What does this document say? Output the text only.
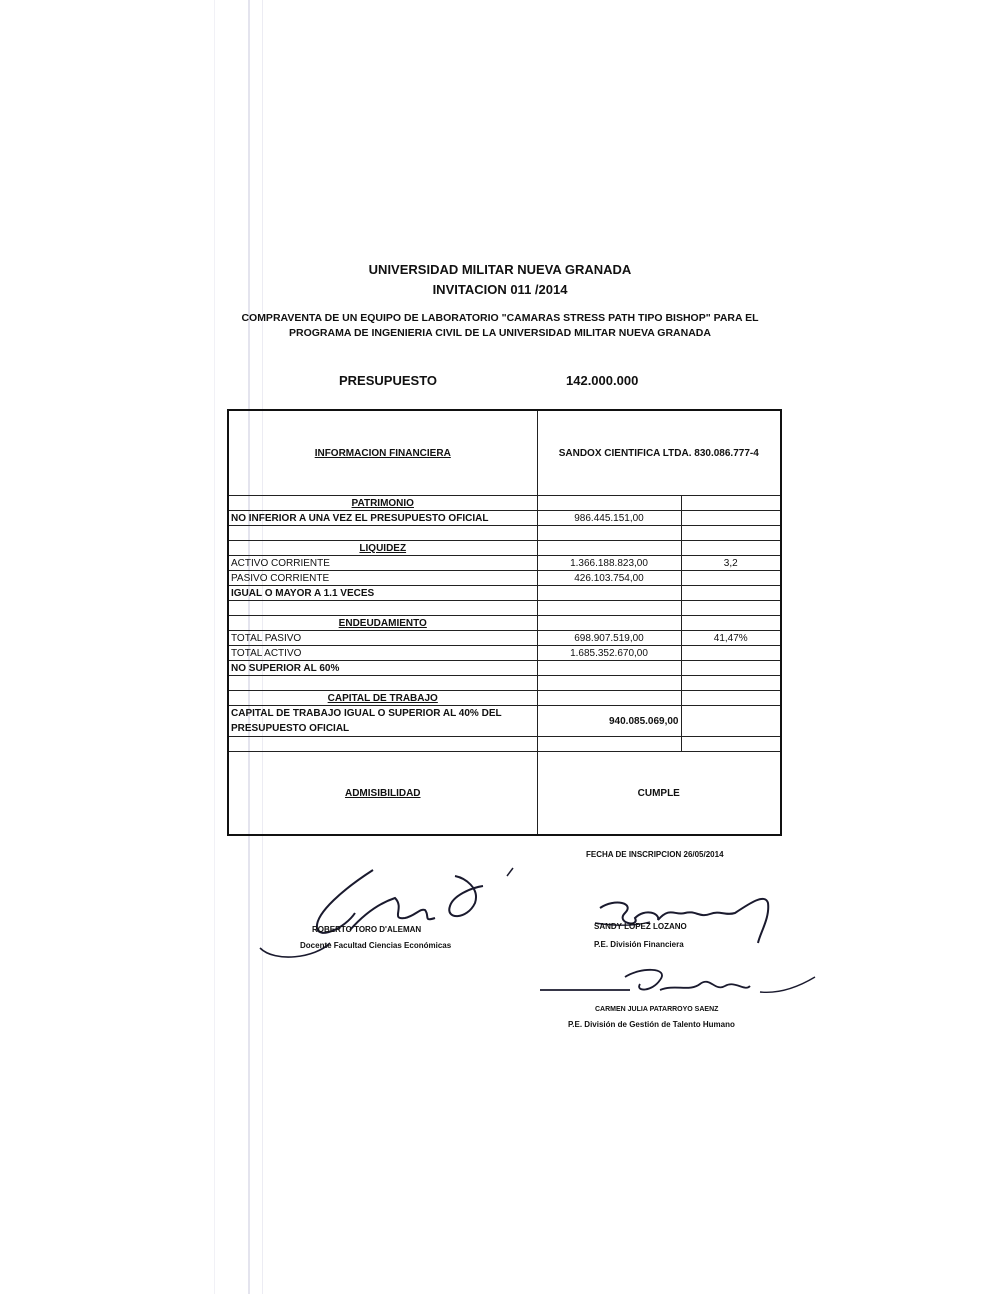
UNIVERSIDAD MILITAR NUEVA GRANADA
INVITACION 011 /2014
COMPRAVENTA DE UN EQUIPO DE LABORATORIO "CAMARAS STRESS PATH TIPO BISHOP" PARA EL
PROGRAMA DE INGENIERIA CIVIL DE LA UNIVERSIDAD MILITAR NUEVA GRANADA
PRESUPUESTO	142.000.000
INFORMACION FINANCIERA	SANDOX CIENTIFICA LTDA. 830.086.777-4	
PATRIMONIO		
NO INFERIOR A UNA VEZ EL PRESUPUESTO OFICIAL	986.445.151,00	

LIQUIDEZ		
ACTIVO CORRIENTE	1.366.188.823,00	3,2
PASIVO CORRIENTE	426.103.754,00	
IGUAL O MAYOR A 1.1 VECES		

ENDEUDAMIENTO		
TOTAL PASIVO	698.907.519,00	41,47%
TOTAL ACTIVO	1.685.352.670,00	
NO SUPERIOR AL 60%		

CAPITAL DE TRABAJO		
CAPITAL DE TRABAJO IGUAL O SUPERIOR AL 40% DEL PRESUPUESTO OFICIAL	940.085.069,00	

ADMISIBILIDAD	CUMPLE	
FECHA DE INSCRIPCION 26/05/2014
ROBERTO TORO D'ALEMAN
Docente Facultad Ciencias Económicas
SANDY LOPEZ LOZANO
P.E. División Financiera
CARMEN JULIA PATARROYO SAENZ
P.E. División de Gestión de Talento Humano
